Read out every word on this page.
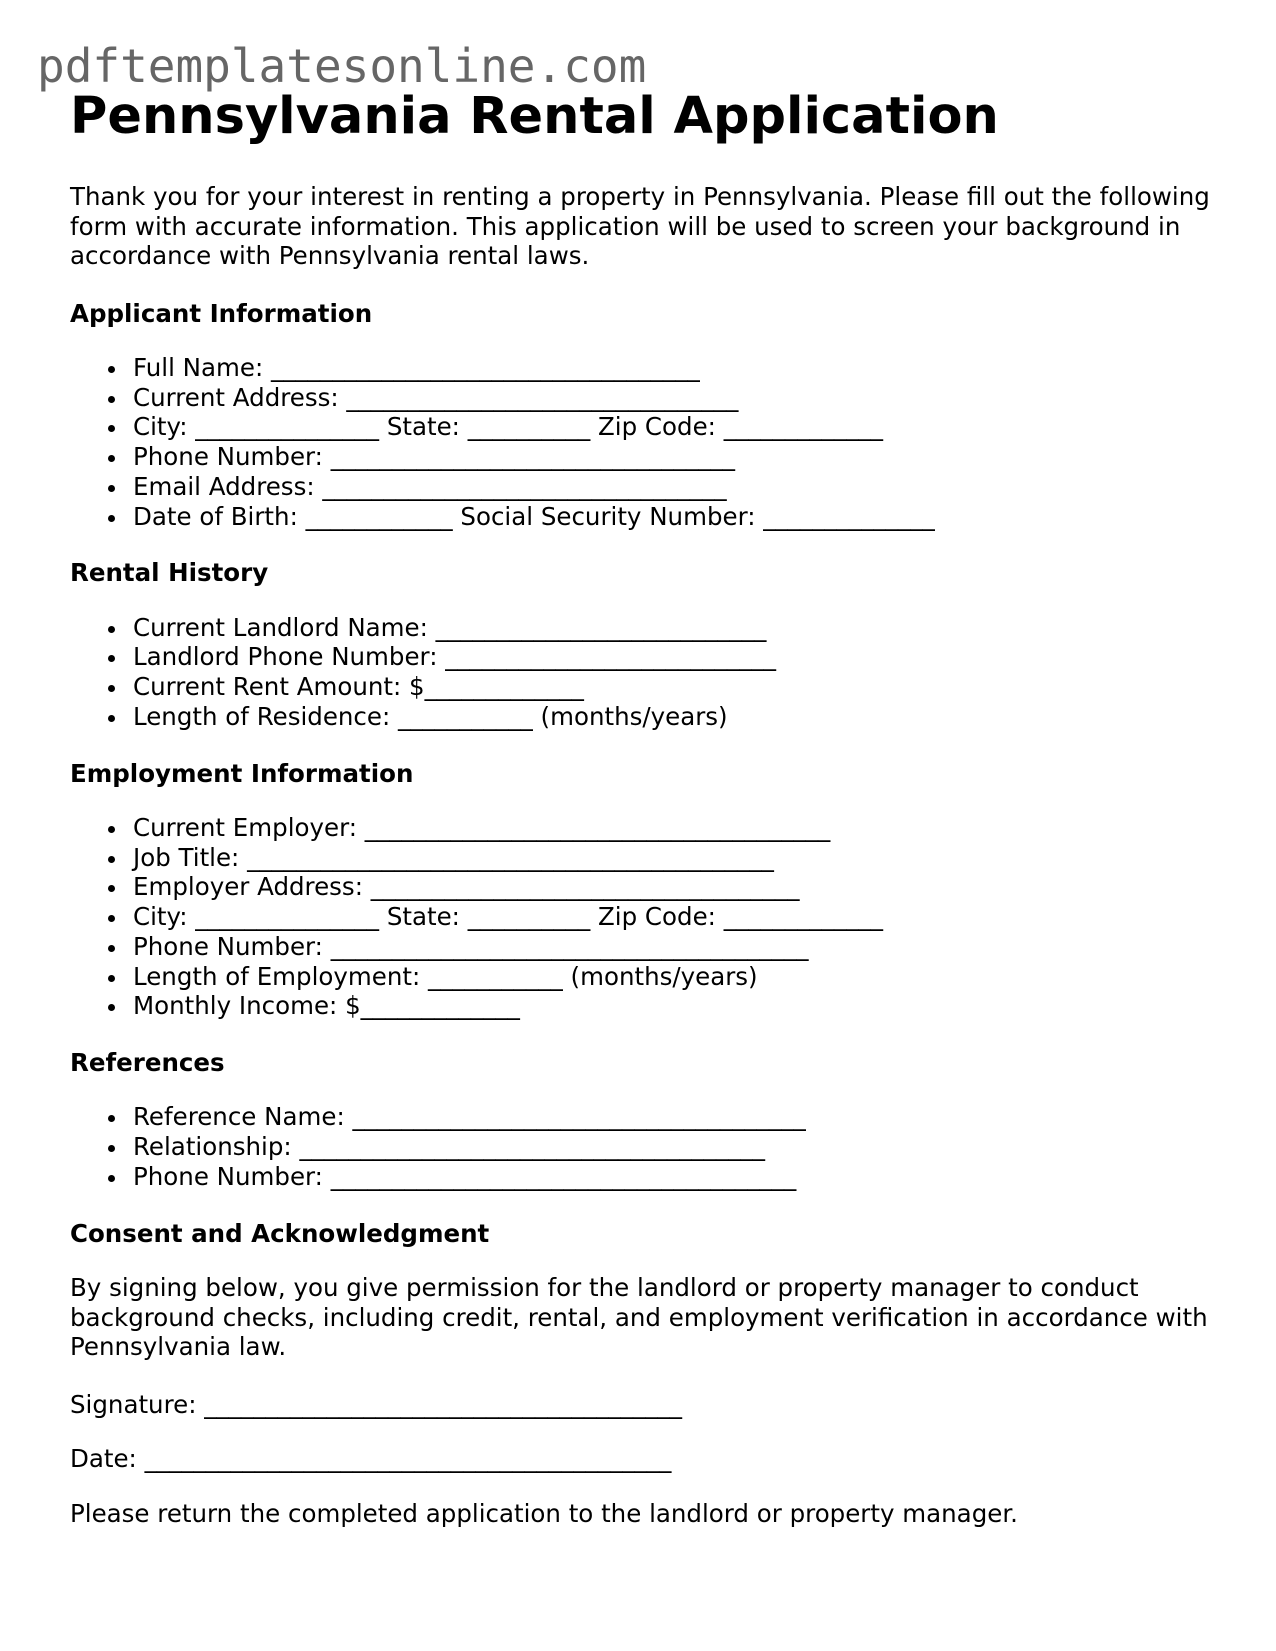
pdftemplatesonline.com
Pennsylvania Rental Application

Thank you for your interest in renting a property in Pennsylvania. Please fill out the following form with accurate information. This application will be used to screen your background in accordance with Pennsylvania rental laws.

Applicant Information
Full Name: ___________________________________
Current Address: ________________________________
City: _______________ State: __________ Zip Code: _____________
Phone Number: _________________________________
Email Address: _________________________________
Date of Birth: ____________ Social Security Number: ______________
Rental History
Current Landlord Name: ___________________________
Landlord Phone Number: ___________________________
Current Rent Amount: $_____________
Length of Residence: ___________ (months/years)
Employment Information
Current Employer: ______________________________________
Job Title: ___________________________________________
Employer Address: ___________________________________
City: _______________ State: __________ Zip Code: _____________
Phone Number: _______________________________________
Length of Employment: ___________ (months/years)
Monthly Income: $_____________
References
Reference Name: _____________________________________
Relationship: ______________________________________
Phone Number: ______________________________________
Consent and Acknowledgment

By signing below, you give permission for the landlord or property manager to conduct background checks, including credit, rental, and employment verification in accordance with Pennsylvania law.

Signature: _______________________________________

Date: ___________________________________________

Please return the completed application to the landlord or property manager.
